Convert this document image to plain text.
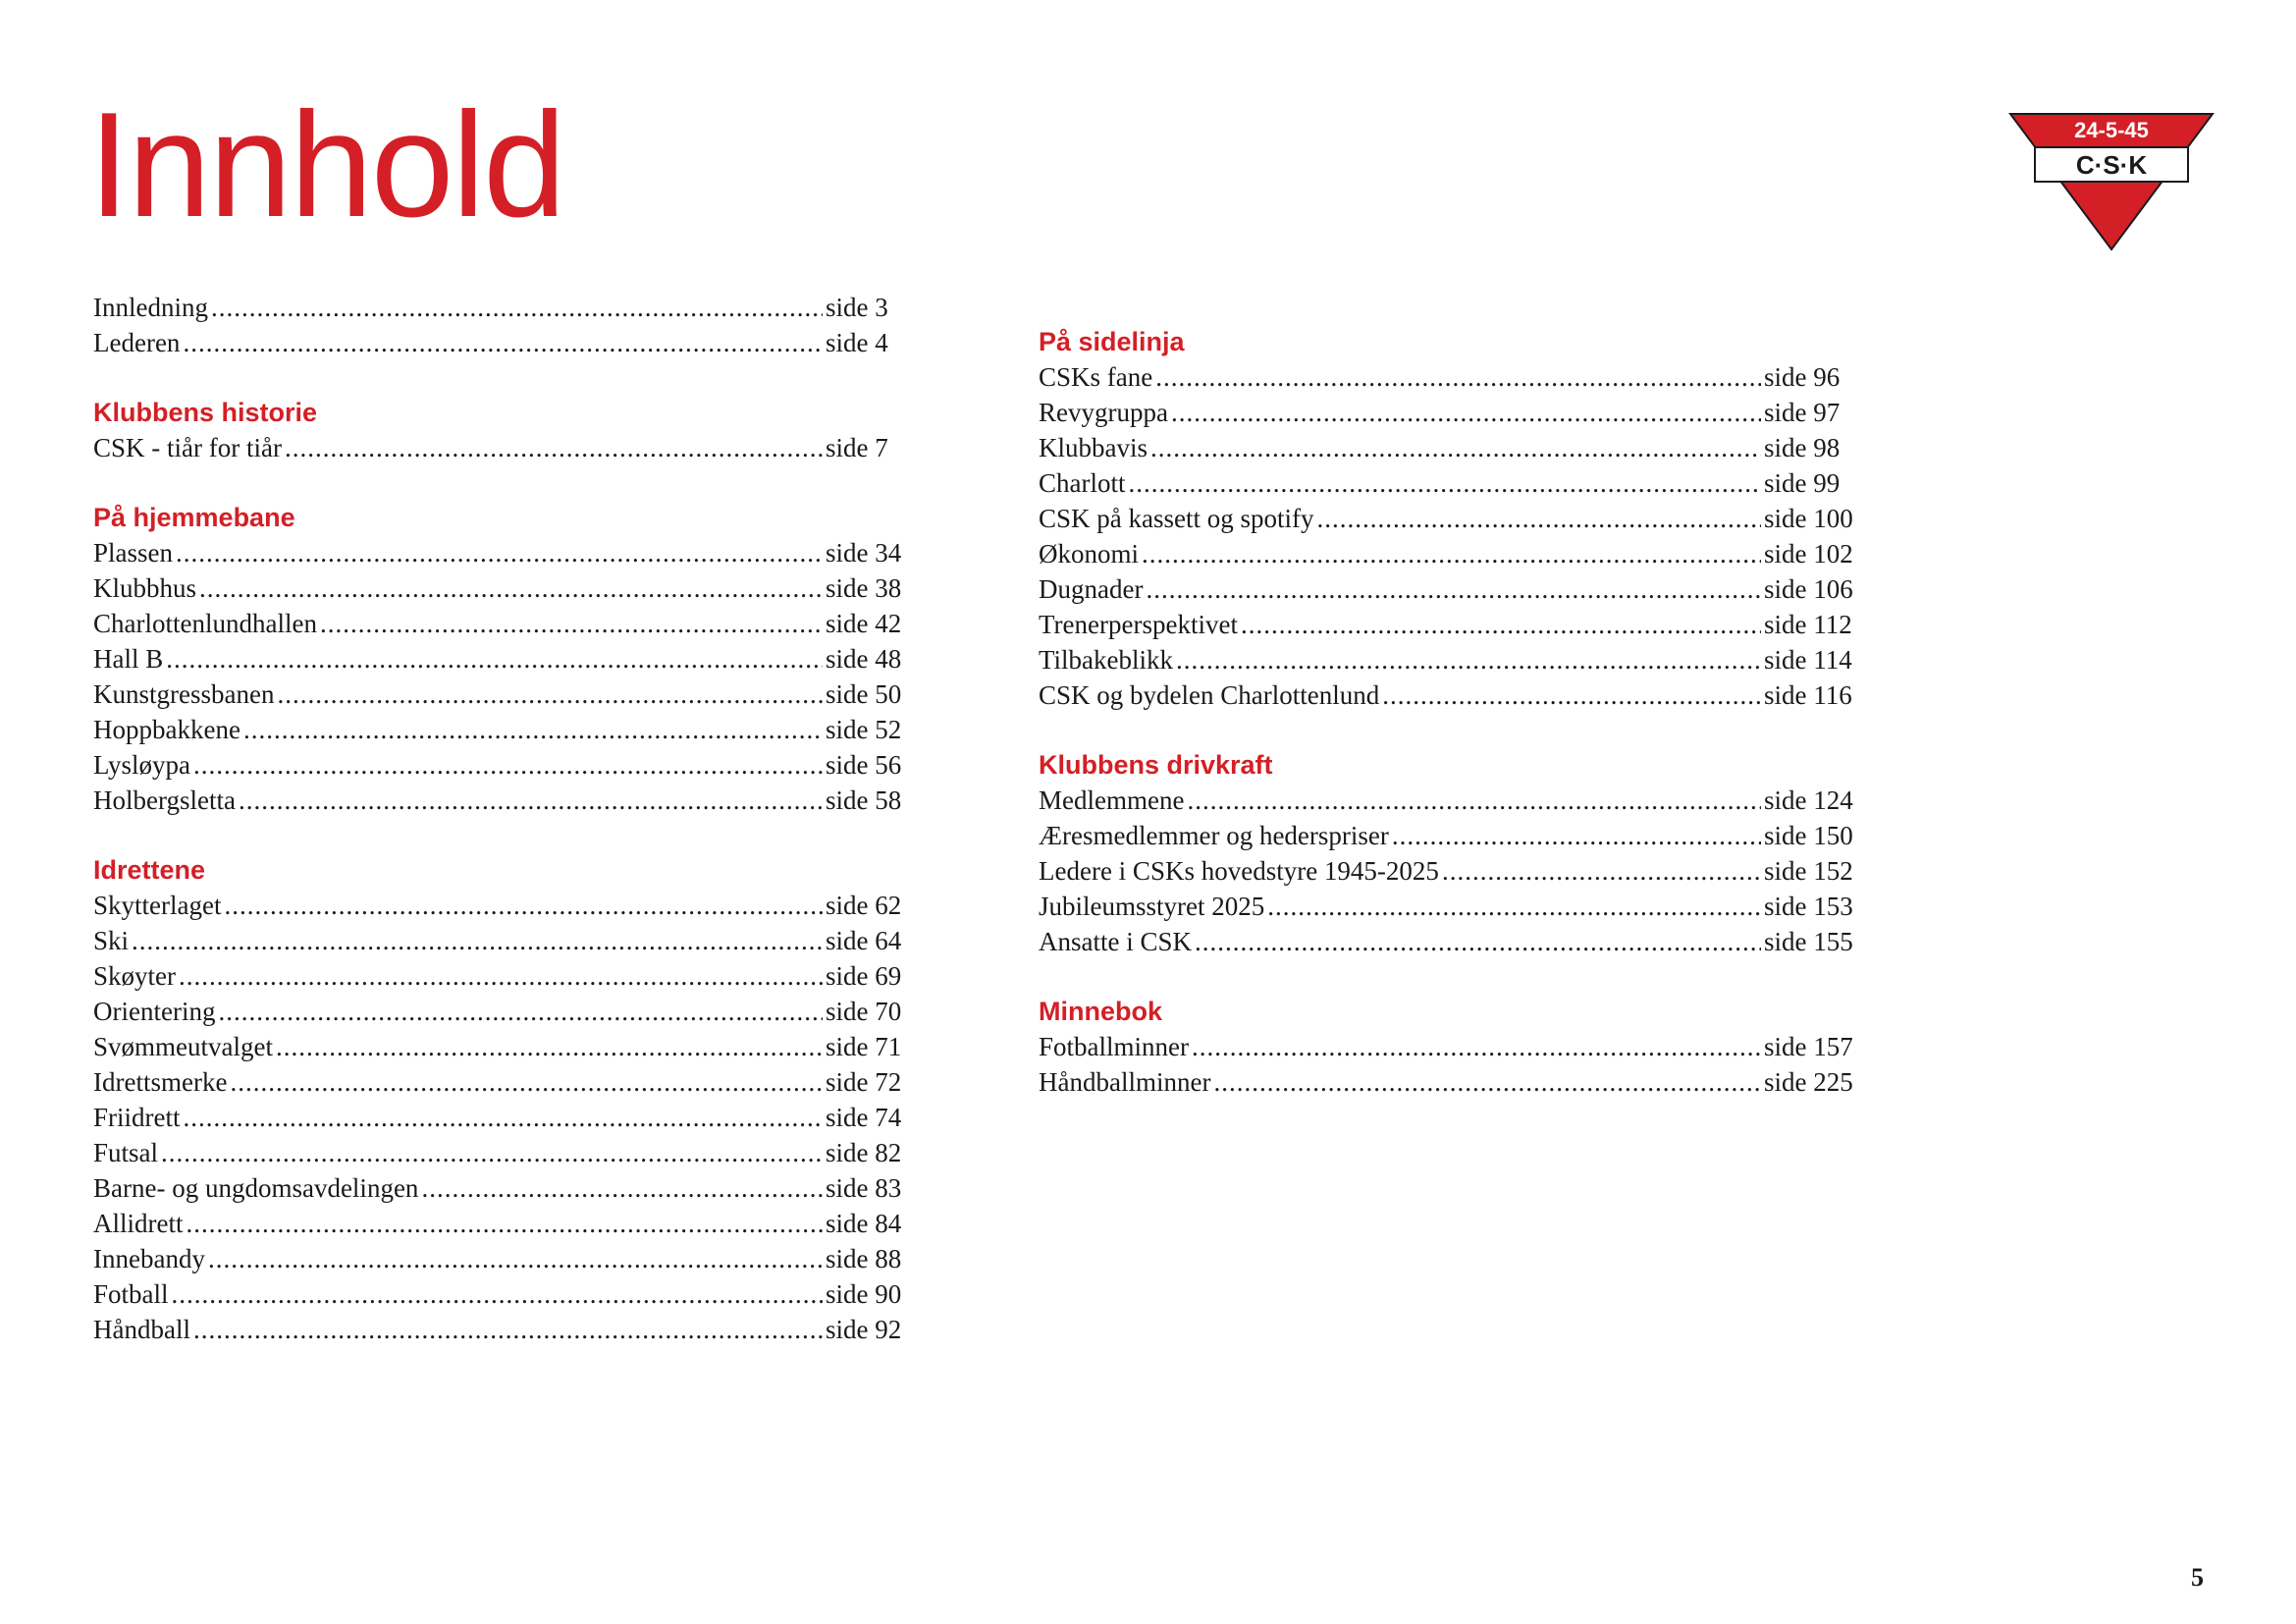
Innhold	24-5-45
C·S·K
Innledning .....	side 3
Lederen .....	side 4
Klubbens historie
CSK - tiår for tiår .....	side 7
På hjemmebane
Plassen .....	side 34
Klubbhus .....	side 38
Charlottenlundhallen .....	side 42
Hall B .....	side 48
Kunstgressbanen .....	side 50
Hoppbakkene .....	side 52
Lysløypa .....	side 56
Holbergsletta .....	side 58
Idrettene
Skytterlaget .....	side 62
Ski .....	side 64
Skøyter .....	side 69
Orientering .....	side 70
Svømmeutvalget .....	side 71
Idrettsmerke .....	side 72
Friidrett .....	side 74
Futsal .....	side 82
Barne- og ungdomsavdelingen .....	side 83
Allidrett .....	side 84
Innebandy .....	side 88
Fotball .....	side 90
Håndball .....	side 92
På sidelinja
CSKs fane .....	side 96
Revygruppa .....	side 97
Klubbavis .....	side 98
Charlott .....	side 99
CSK på kassett og spotify .....	side 100
Økonomi .....	side 102
Dugnader .....	side 106
Trenerperspektivet .....	side 112
Tilbakeblikk .....	side 114
CSK og bydelen Charlottenlund .....	side 116
Klubbens drivkraft
Medlemmene .....	side 124
Æresmedlemmer og hederspriser .....	side 150
Ledere i CSKs hovedstyre 1945-2025 .....	side 152
Jubileumsstyret 2025 .....	side 153
Ansatte i CSK .....	side 155
Minnebok
Fotballminner .....	side 157
Håndballminner .....	side 225
5
